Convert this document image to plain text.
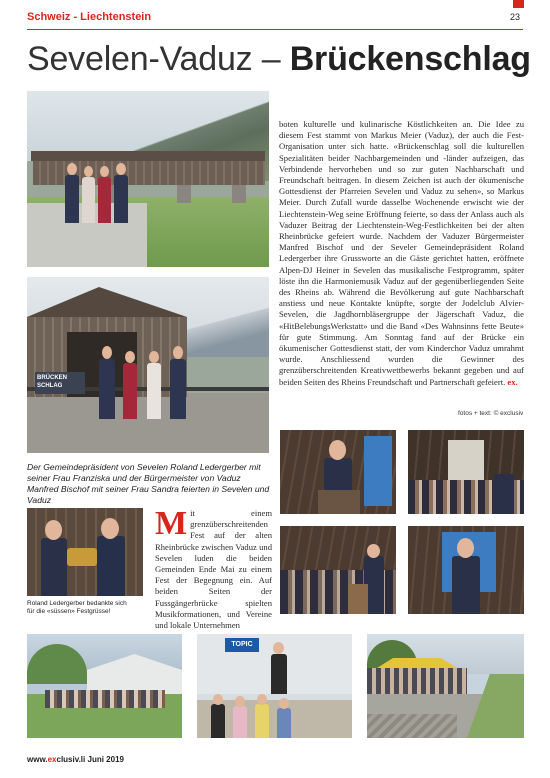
Schweiz - Liechtenstein	23
Sevelen-Vaduz – Brückenschlag
BRÜCKEN SCHLAG
Der Gemeindepräsident von Sevelen Roland Ledergerber mit seiner Frau Franziska und der Bürgermeister von Vaduz Manfred Bischof mit seiner Frau Sandra feierten in Sevelen und Vaduz

boten kulturelle und kulinarische Köstlichkeiten an. Die Idee zu diesem Fest stammt von Markus Meier (Vaduz), der auch die Fest-Organisation unter sich hatte. «Brückenschlag soll die kulturellen Spezialitäten beider Nachbargemeinden und -länder aufzeigen, das Verbindende hervorheben und so zur guten Nachbarschaft und Freundschaft beitragen. In diesem Zeichen ist auch der ökumenische Gottesdienst der Pfarreien Sevelen und Vaduz zu sehen», so Markus Meier. Durch Zufall wurde dasselbe Wochenende erwischt wie der Liechtenstein-Weg seine Eröffnung feierte, so dass der Anlass auch als Vaduzer Beitrag der Liechtenstein-Weg-Festlichkeiten bei der alten Rheinbrücke gefeiert wurde. Nachdem der Vaduzer Bürgermeister Manfred Bischof und der Seveler Gemeindepräsident Roland Ledergerber ihre Grussworte an die Gäste gerichtet hatten, eröffnete Alpen-DJ Heiner in Sevelen das musikalische Festprogramm, später löste ihn die Harmoniemusik Vaduz auf der gegenüberliegenden Seite des Rheins ab. Während die Bevölkerung auf gute Nachbarschaft anstiess und neue Kontakte knüpfte, sorgte der Jodelclub Alvier-Sevelen, die Jagdhornbläsergruppe der Jägerschaft Vaduz, die «HitBelebungsWerkstatt» und die Band «Des Wahnsinns fette Beute» für gute Stimmung. Am Sonntag fand auf der Brücke ein ökumenischer Gottesdienst statt, der vom Kinderchor Vaduz umrahmt wurde. Anschliessend wurden die Gewinner des grenzüberschreitenden Kreativwettbewerbs bekannt gegeben und auf beiden Seiten des Rheins Freundschaft und Partnerschaft gefeiert. ex.

fotos + text: © exclusiv
Roland Ledergerber bedankte sich für die «süssen» Festgrüsse!
Mit einem grenzüberschreitenden Fest auf der alten Rheinbrücke zwischen Vaduz und Sevelen luden die beiden Gemeinden Ende Mai zu einem Fest der Begegnung ein. Auf beiden Seiten der Fussgängerbrücke spielten Musikformationen, und Vereine und lokale Unternehmen
TOPIC
www.exclusiv.li Juni 2019
